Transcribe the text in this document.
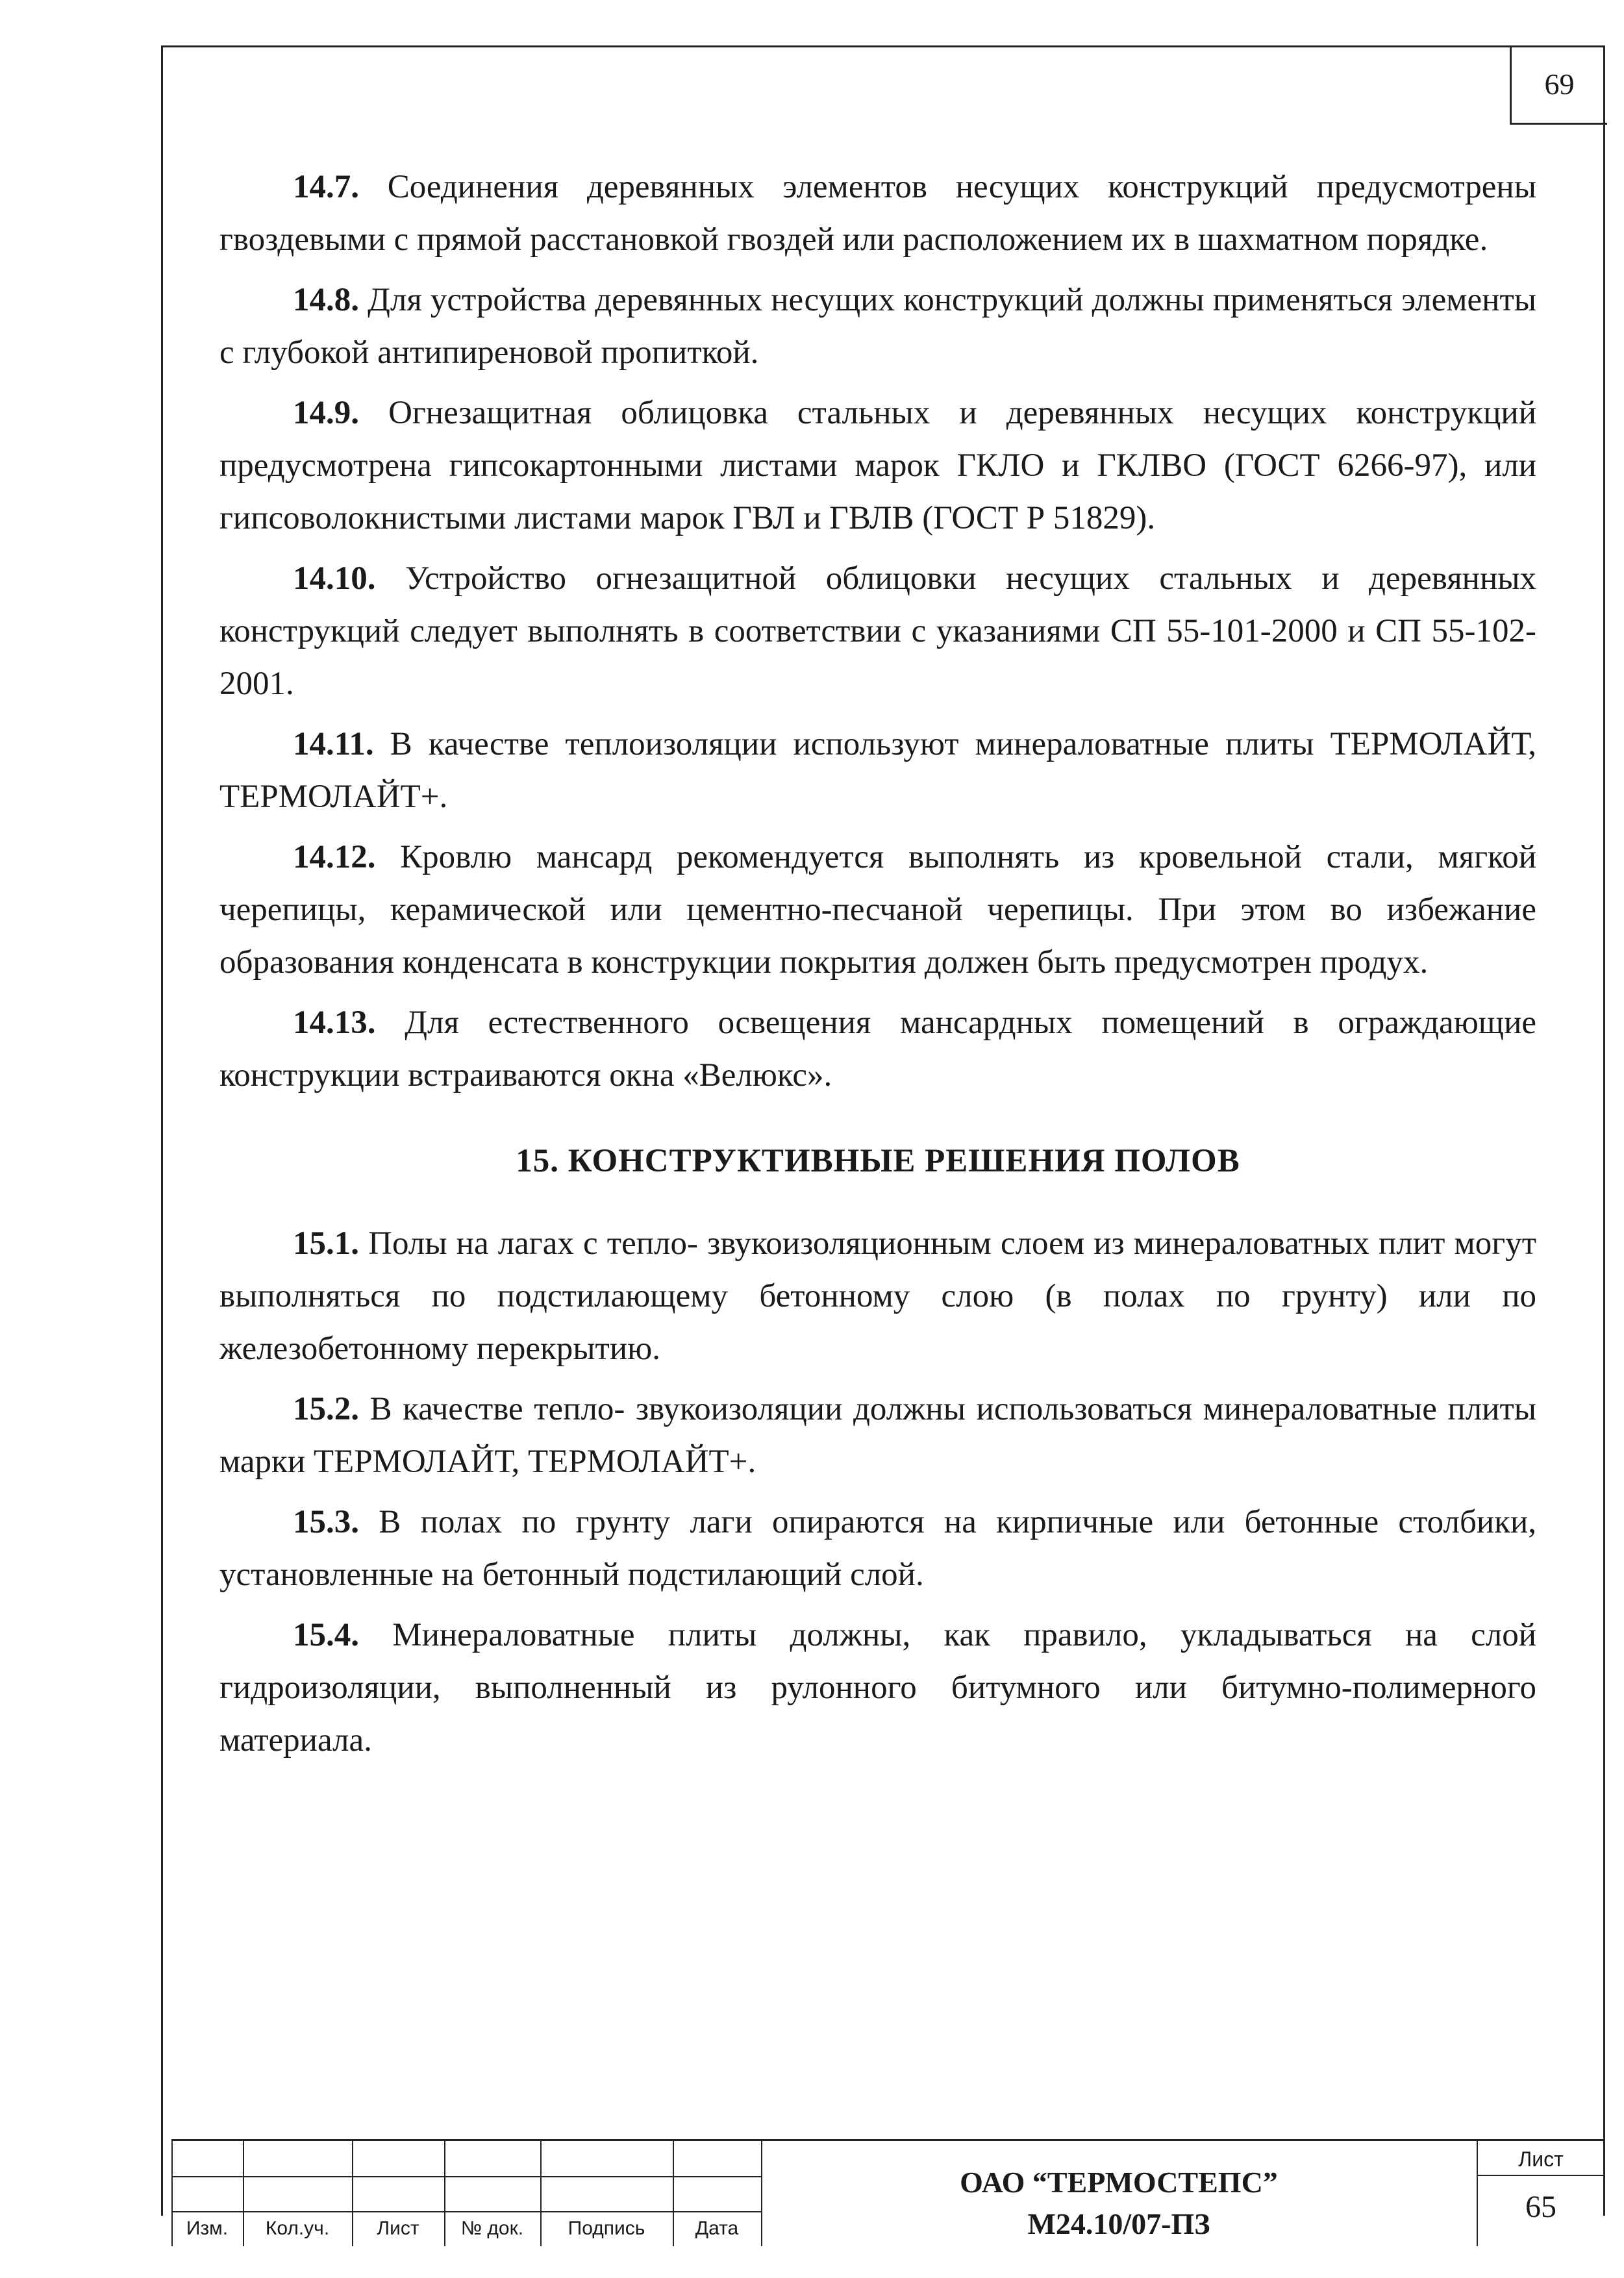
69

14.7. Соединения деревянных элементов несущих конструкций предусмотрены гвоздевыми с прямой расстановкой гвоздей или расположением их в шахматном порядке.

14.8. Для устройства деревянных несущих конструкций должны применяться элементы с глубокой антипиреновой пропиткой.

14.9. Огнезащитная облицовка стальных и деревянных несущих конструкций предусмотрена гипсокартонными листами марок ГКЛО и ГКЛВО (ГОСТ 6266-97), или гипсоволокнистыми листами марок ГВЛ и ГВЛВ (ГОСТ Р 51829).

14.10. Устройство огнезащитной облицовки несущих стальных и деревянных конструкций следует выполнять в соответствии с указаниями СП 55-101-2000 и СП 55-102-2001.

14.11. В качестве теплоизоляции используют минераловатные плиты ТЕРМОЛАЙТ, ТЕРМОЛАЙТ+.

14.12. Кровлю мансард рекомендуется выполнять из кровельной стали, мягкой черепицы, керамической или цементно-песчаной черепицы. При этом во избежание образования конденсата в конструкции покрытия должен быть предусмотрен продух.

14.13. Для естественного освещения мансардных помещений в ограждающие конструкции встраиваются окна «Велюкс».

15. КОНСТРУКТИВНЫЕ РЕШЕНИЯ ПОЛОВ

15.1. Полы на лагах с тепло- звукоизоляционным слоем из минераловатных плит могут выполняться по подстилающему бетонному слою (в полах по грунту) или по железобетонному перекрытию.

15.2. В качестве тепло- звукоизоляции должны использоваться минераловатные плиты марки ТЕРМОЛАЙТ, ТЕРМОЛАЙТ+.

15.3. В полах по грунту лаги опираются на кирпичные или бетонные столбики, установленные на бетонный подстилающий слой.

15.4. Минераловатные плиты должны, как правило, укладываться на слой гидроизоляции, выполненный из рулонного битумного или битумно-полимерного материала.

Изм.	Кол.уч.	Лист	№ док.	Подпись	Дата
ОАО “ТЕРМОСТЕПС”
М24.10/07-ПЗ
Лист
65
